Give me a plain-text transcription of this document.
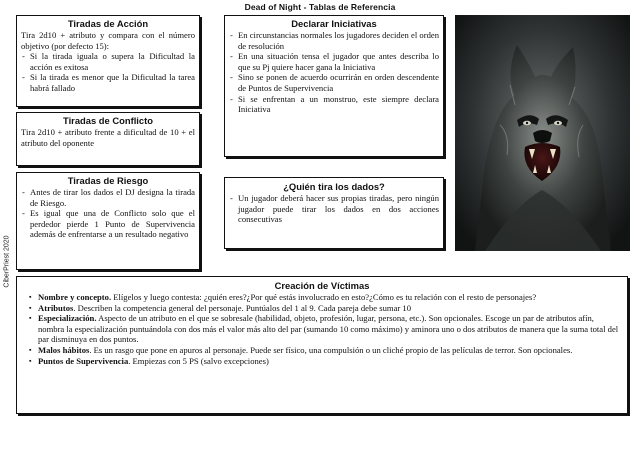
Dead of Night - Tablas de Referencia
CiberPriest 2020
Tiradas de Acción

Tira 2d10 + atributo y compara con el número objetivo (por defecto 15):

- Si la tirada iguala o supera la Dificultad la acción es exitosa
- Si la tirada es menor que la Dificultad la tarea habrá fallado
Tiradas de Conflicto

Tira 2d10 + atributo frente a dificultad de 10 + el atributo del oponente

Tiradas de Riesgo
- Antes de tirar los dados el DJ designa la tirada de Riesgo.
- Es igual que una de Conflicto solo que el perdedor pierde 1 Punto de Supervivencia además de enfrentarse a un resultado negativo
Declarar Iniciativas
- En circunstancias normales los jugadores deciden el orden de resolución
- En una situación tensa el jugador que antes describa lo que su Pj quiere hacer gana la Iniciativa
- Sino se ponen de acuerdo ocurrirán en orden descendente de Puntos de Supervivencia
- Si se enfrentan a un monstruo, este siempre declara Iniciativa
¿Quién tira los dados?
- Un jugador deberá hacer sus propias tiradas, pero ningún jugador puede tirar los dados en dos acciones consecutivas
Creación de Víctimas
▪ Nombre y concepto. Elígelos y luego contesta: ¿quién eres?¿Por qué estás involucrado en esto?¿Cómo es tu relación con el resto de personajes?
▪ Atributos. Describen la competencia general del personaje. Puntúalos del 1 al 9. Cada pareja debe sumar 10
▪ Especialización. Aspecto de un atributo en el que se sobresale (habilidad, objeto, profesión, lugar, persona, etc.). Son opcionales. Escoge un par de atributos afín, nombra la especialización puntuándola con dos más el valor más alto del par (sumando 10 como máximo) y aminora uno o dos atributos de manera que la suma total del par disminuya en dos puntos.
▪ Malos hábitos. Es un rasgo que pone en apuros al personaje. Puede ser físico, una compulsión o un cliché propio de las películas de terror. Son opcionales.
▪ Puntos de Supervivencia. Empiezas con 5 PS (salvo excepciones)
